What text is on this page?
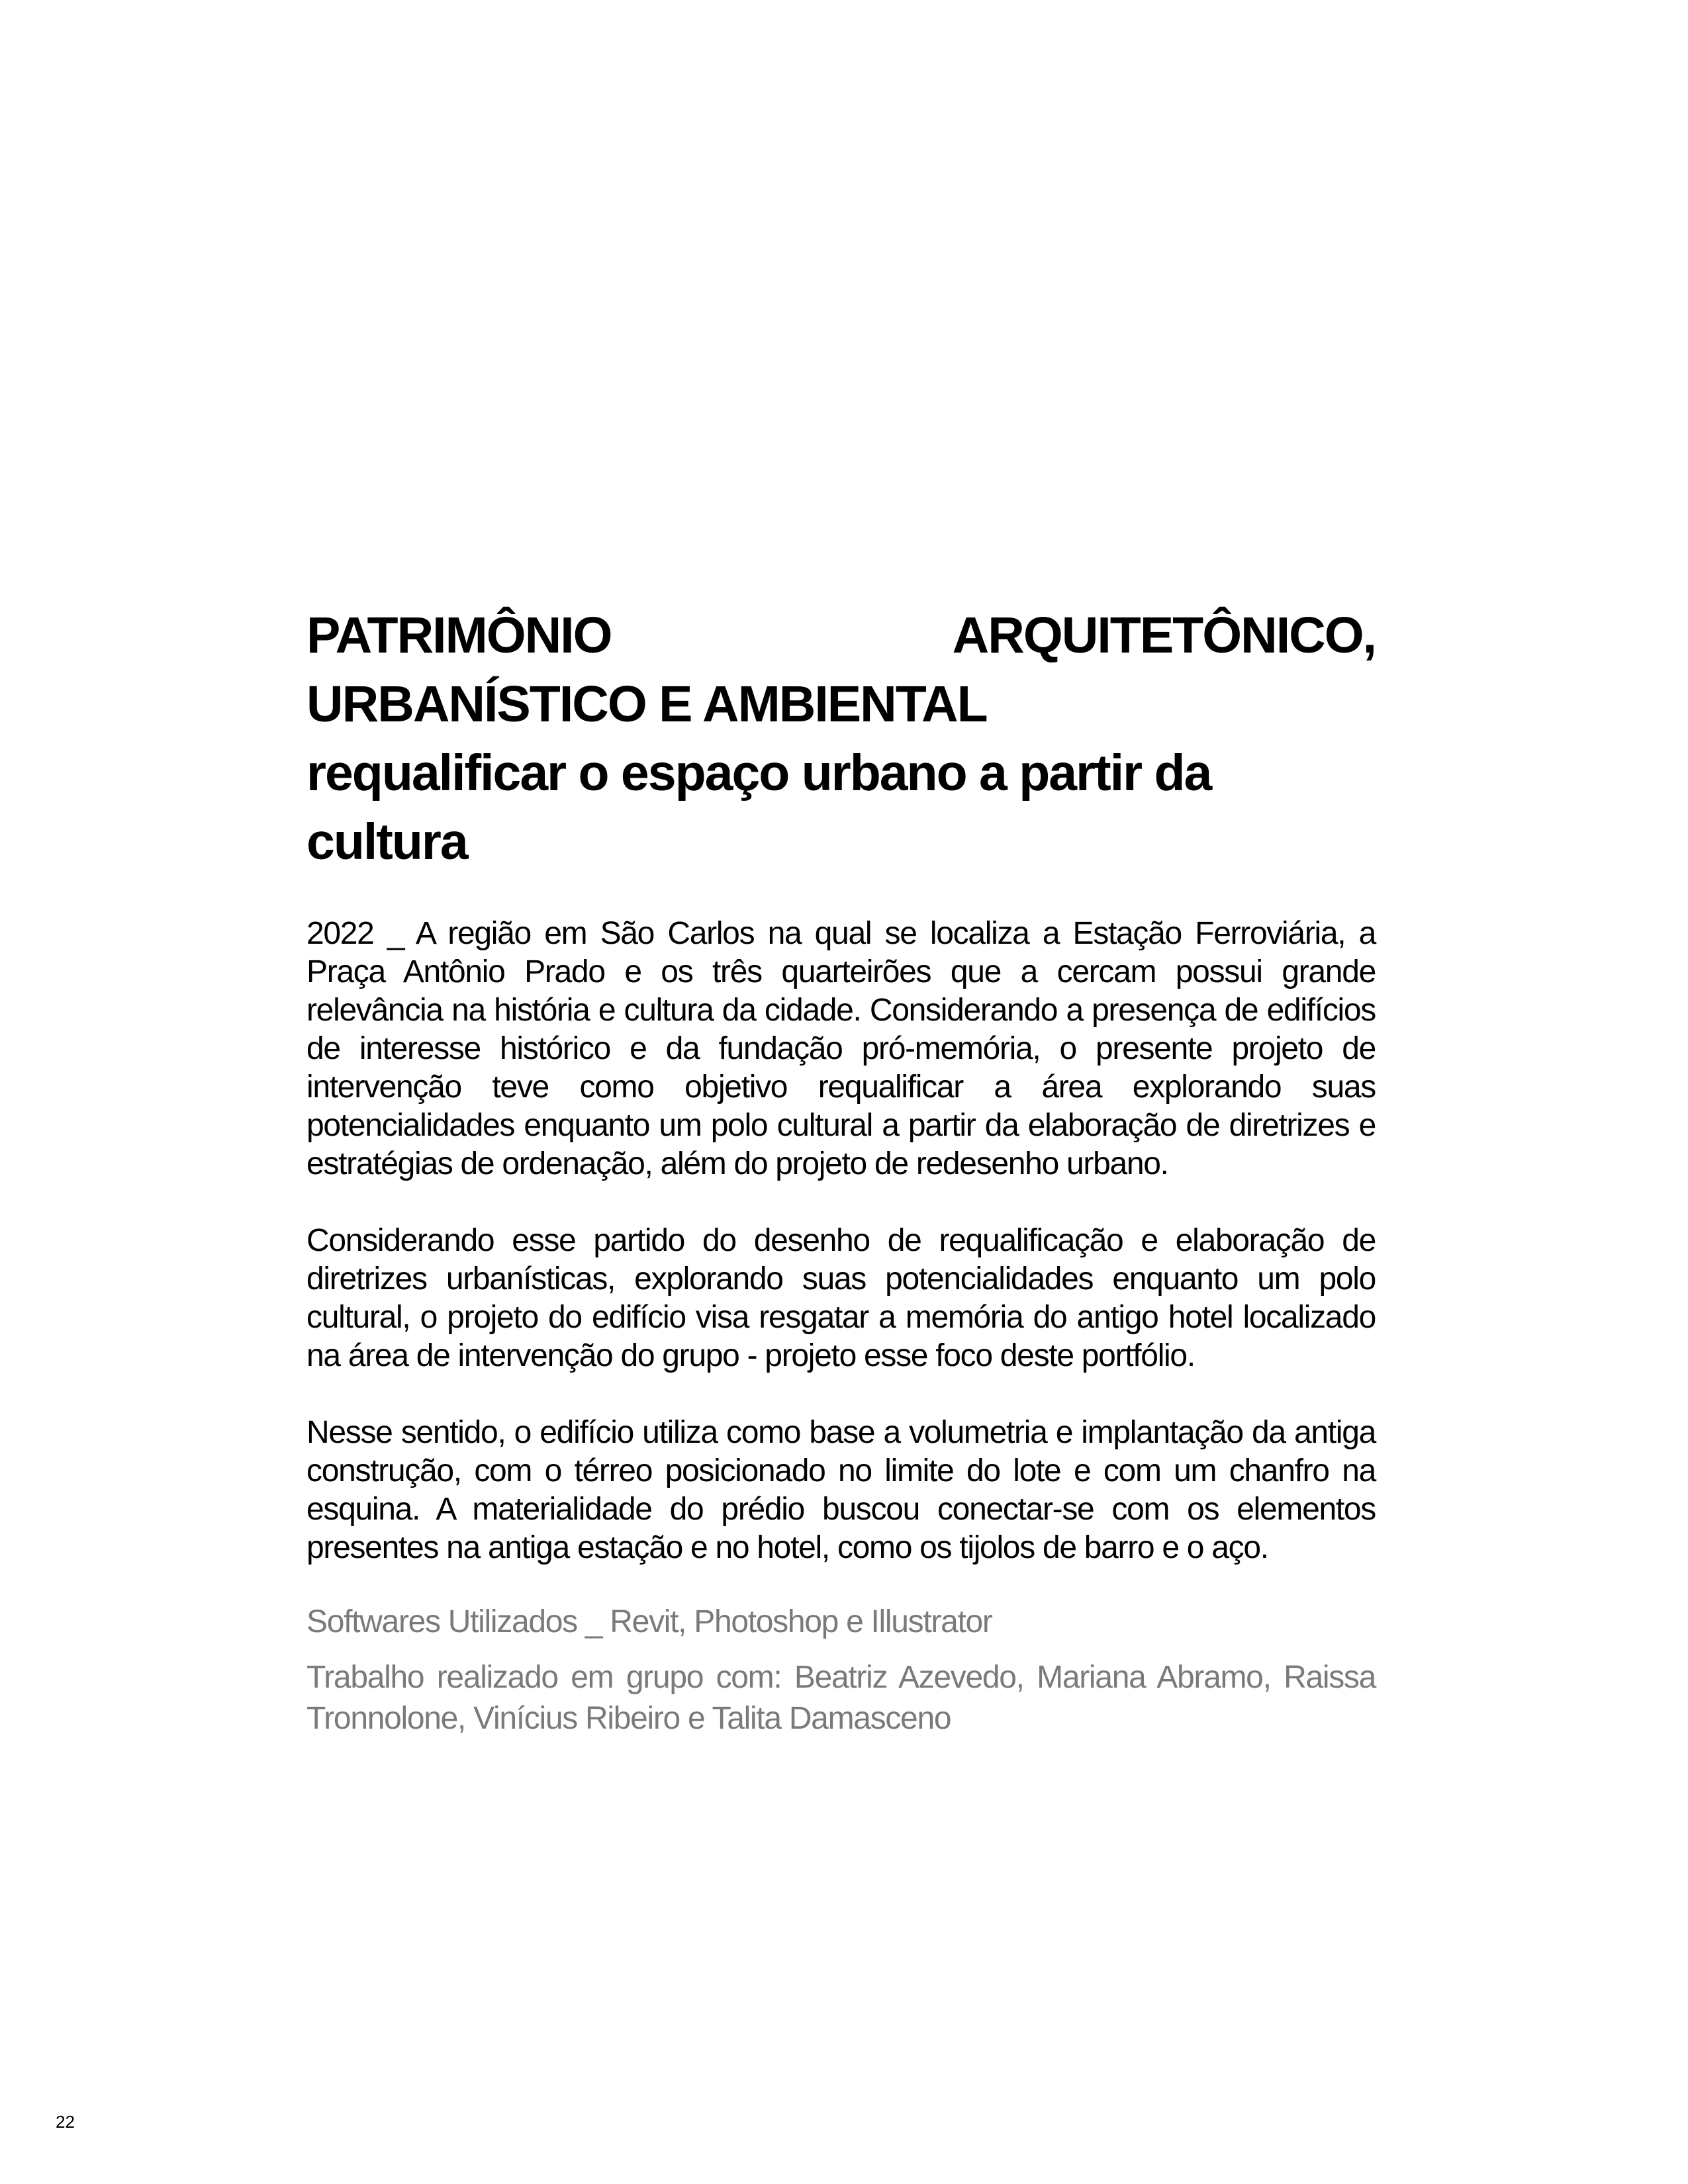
PATRIMÔNIO ARQUITETÔNICO, URBANÍSTICO E AMBIENTAL
requalificar o espaço urbano a partir da cultura

2022 _ A região em São Carlos na qual se localiza a Estação Ferroviária, a Praça Antônio Prado e os três quarteirões que a cercam possui grande relevância na história e cultura da cidade. Considerando a presença de edifícios de interesse histórico e da fundação pró-memória, o presente projeto de intervenção teve como objetivo requalificar a área explorando suas potencialidades enquanto um polo cultural a partir da elaboração de diretrizes e estratégias de ordenação, além do projeto de redesenho urbano.

Considerando esse partido do desenho de requalificação e elaboração de diretrizes urbanísticas, explorando suas potencialidades enquanto um polo cultural, o projeto do edifício visa resgatar a memória do antigo hotel localizado na área de intervenção do grupo - projeto esse foco deste portfólio.

Nesse sentido, o edifício utiliza como base a volumetria e implantação da antiga construção, com o térreo posicionado no limite do lote e com um chanfro na esquina. A materialidade do prédio buscou conectar-se com os elementos presentes na antiga estação e no hotel, como os tijolos de barro e o aço.

Softwares Utilizados _ Revit, Photoshop e Illustrator

Trabalho realizado em grupo com: Beatriz Azevedo, Mariana Abramo, Raissa Tronnolone, Vinícius Ribeiro e Talita Damasceno

22
